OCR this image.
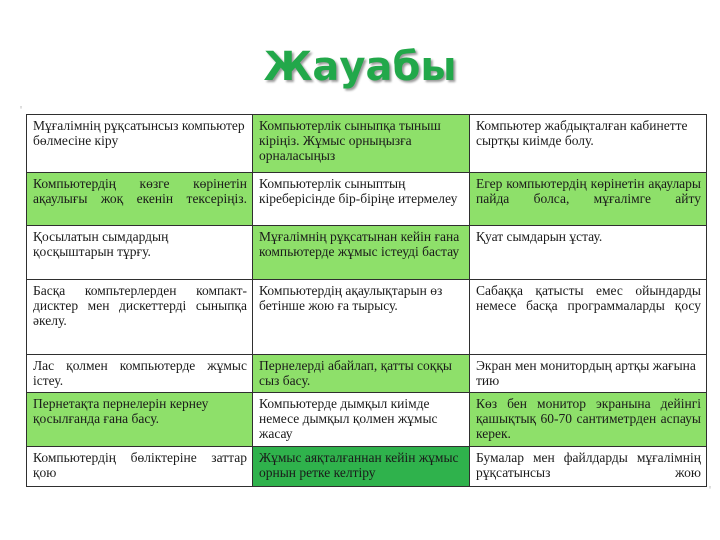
Жауабы
◦
◦
Мұғалімнің рұқсатынсыз компьютер бөлмесіне кіру	Компьютерлік сыныпқа тыныш кіріңіз. Жұмыс орныңызға орналасыңыз	Компьютер жабдықталған кабинетте сыртқы киімде болу.
Компьютердің көзге көрінетін ақаулығы жоқ екенін тексеріңіз.	Компьютерлік сыныптың кіреберісінде бір-біріңе итермелеу	Егер компьютердің көрінетін ақаулары пайда болса, мұғалімге айту
Қосылатын сымдардың қосқыштарын тұрғу.	Мұғалімнің рұқсатынан кейін ғана компьютерде жұмыс істеуді бастау	Қуат сымдарын ұстау.
Басқа компьтерлерден компакт-дисктер мен дискеттерді сыныпқа әкелу.	Компьютердің ақаулықтарын өз бетінше жою ға тырысу.	Сабаққа қатысты емес ойындарды немесе басқа программаларды қосу
Лас қолмен компьютерде жұмыс істеу.	Пернелерді абайлап, қатты соққы сыз басу.	Экран мен монитордың артқы жағына тию
Пернетақта пернелерін кернеу қосылғанда ғана басу.	Компьютерде дымқыл киімде немесе дымқыл қолмен жұмыс жасау	Көз бен монитор экранына дейінгі қашықтық 60-70 сантиметрден аспауы керек.
Компьютердің бөліктеріне заттар қою	Жұмыс аяқталғаннан кейін жұмыс орнын ретке келтіру	Бумалар мен файлдарды мұғалімнің рұқсатынсыз жою
